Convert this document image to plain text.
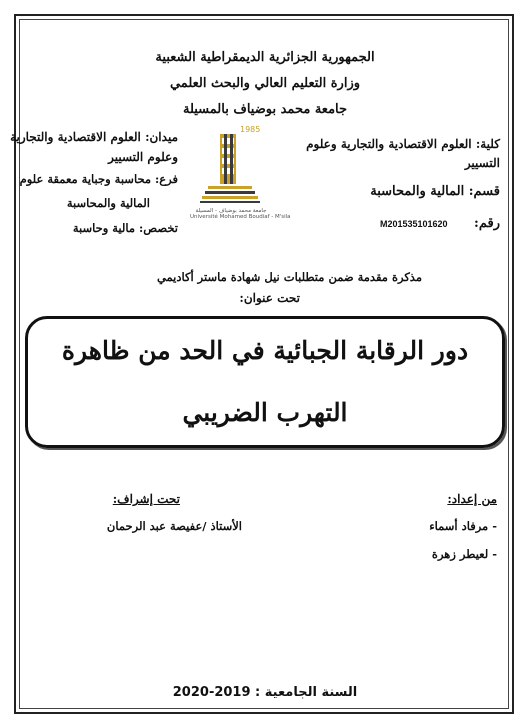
الجمهورية الجزائرية الديمقراطية الشعبية
وزارة التعليم العالي والبحث العلمي
جامعة محمد بوضياف بالمسيلة
كلية: العلوم الاقتصادية والتجارية وعلوم
التسيير
قسم: المالية والمحاسبة
رقم:
M201535101620
ميدان: العلوم الاقتصادية والتجارية
وعلوم التسيير
فرع: محاسبة وجباية معمقة علوم
المالية والمحاسبة
تخصص: مالية وحاسبة
1985
جامعة محمد بوضياف - المسيلة
Université Mohamed Boudiaf - M'sila
مذكرة مقدمة ضمن متطلبات نيل شهادة ماستر أكاديمي
تحت عنوان:
دور الرقابة الجبائية في الحد من ظاهرة
التهرب الضريبي
من إعداد:
- مرفاد أسماء
- لعيطر زهرة
تحت إشراف:
الأستاذ /عفيصة عبد الرحمان
السنة الجامعية : 2019-2020
